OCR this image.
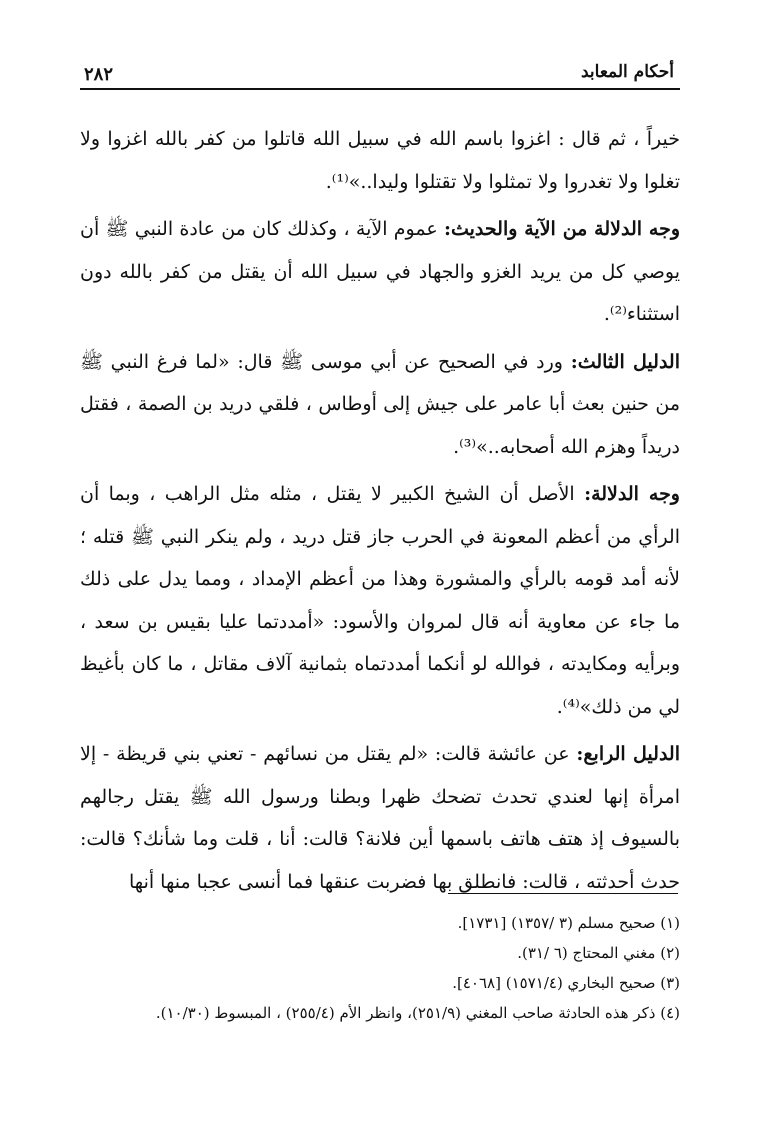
أحكام المعابد
٢٨٢

خيراً ، ثم قال : اغزوا باسم الله في سبيل الله قاتلوا من كفر بالله اغزوا ولا تغلوا ولا تغدروا ولا تمثلوا ولا تقتلوا وليدا..»⁽¹⁾.

وجه الدلالة من الآية والحديث: عموم الآية ، وكذلك كان من عادة النبي ﷺ أن يوصي كل من يريد الغزو والجهاد في سبيل الله أن يقتل من كفر بالله دون استثناء⁽²⁾.

الدليل الثالث: ورد في الصحيح عن أبي موسى ﷺ قال: «لما فرغ النبي ﷺ من حنين بعث أبا عامر على جيش إلى أوطاس ، فلقي دريد بن الصمة ، فقتل دريداً وهزم الله أصحابه..»⁽³⁾.

وجه الدلالة: الأصل أن الشيخ الكبير لا يقتل ، مثله مثل الراهب ، وبما أن الرأي من أعظم المعونة في الحرب جاز قتل دريد ، ولم ينكر النبي ﷺ قتله ؛ لأنه أمد قومه بالرأي والمشورة وهذا من أعظم الإمداد ، ومما يدل على ذلك ما جاء عن معاوية أنه قال لمروان والأسود: «أمددتما عليا بقيس بن سعد ، وبرأيه ومكايدته ، فوالله لو أنكما أمددتماه بثمانية آلاف مقاتل ، ما كان بأغيظ لي من ذلك»⁽⁴⁾.

الدليل الرابع: عن عائشة قالت: «لم يقتل من نسائهم - تعني بني قريظة - إلا امرأة إنها لعندي تحدث تضحك ظهرا وبطنا ورسول الله ﷺ يقتل رجالهم بالسيوف إذ هتف هاتف باسمها أين فلانة؟ قالت: أنا ، قلت وما شأنك؟ قالت: حدث أحدثته ، قالت: فانطلق بها فضربت عنقها فما أنسى عجبا منها أنها

(١) صحيح مسلم (٣ /١٣٥٧) [١٧٣١].
(٢) مغني المحتاج (٦ /٣١).
(٣) صحيح البخاري (١٥٧١/٤) [٤٠٦٨].
(٤) ذكر هذه الحادثة صاحب المغني (٢٥١/٩)، وانظر الأم (٢٥٥/٤) ، المبسوط (١٠/٣٠).
